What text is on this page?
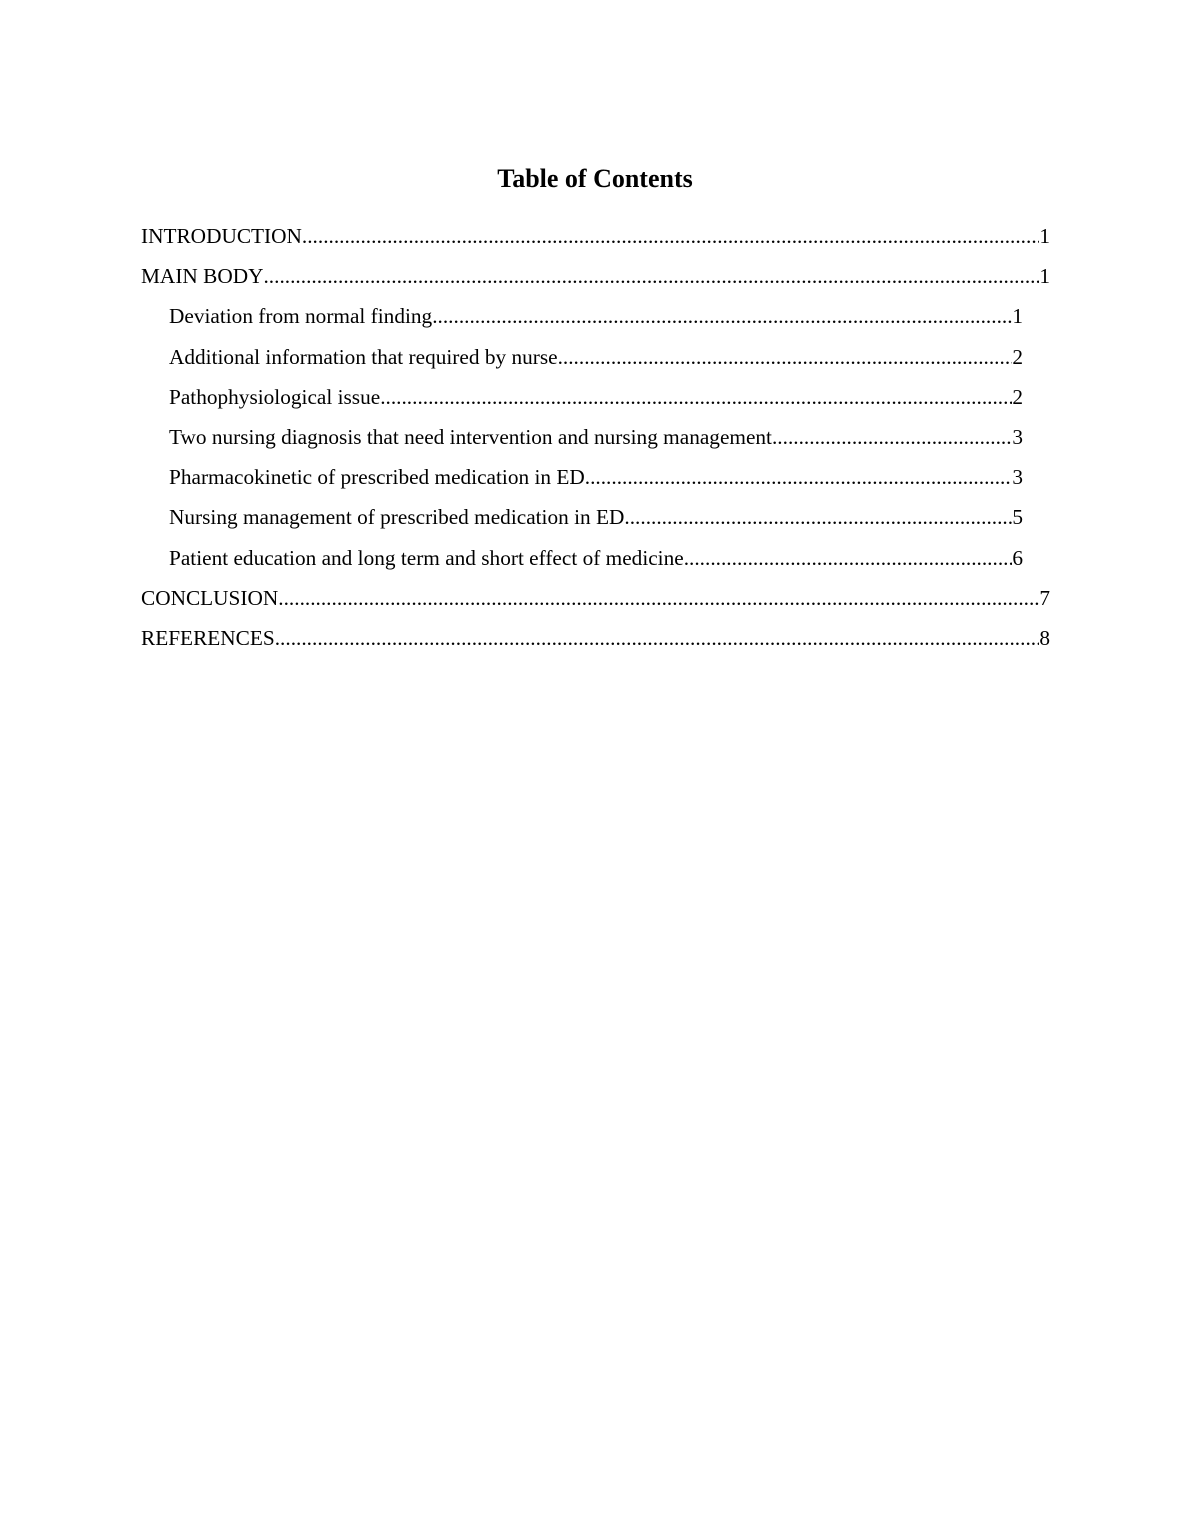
Table of Contents
INTRODUCTION .....	1
MAIN BODY .....	1
Deviation from normal finding .....	1
Additional information that required by nurse .....	2
Pathophysiological issue .....	2
Two nursing diagnosis that need intervention and nursing management .....	3
Pharmacokinetic of prescribed medication in ED .....	3
Nursing management of prescribed medication in ED .....	5
Patient education and long term and short effect of medicine .....	6
CONCLUSION .....	7
REFERENCES .....	8
